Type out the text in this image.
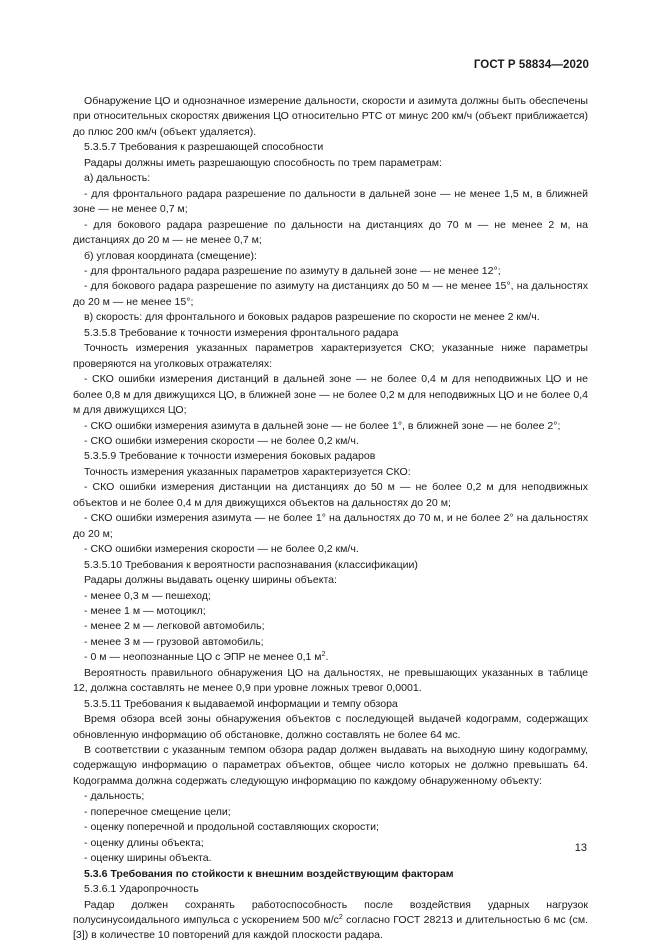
ГОСТ Р 58834—2020

Обнаружение ЦО и однозначное измерение дальности, скорости и азимута должны быть обеспечены при относительных скоростях движения ЦО относительно РТС от минус 200 км/ч (объект приближается) до плюс 200 км/ч (объект удаляется).

5.3.5.7 Требования к разрешающей способности

Радары должны иметь разрешающую способность по трем параметрам:

а) дальность:

- для фронтального радара разрешение по дальности в дальней зоне — не менее 1,5 м, в ближней зоне — не менее 0,7 м;

- для бокового радара разрешение по дальности на дистанциях до 70 м — не менее 2 м, на дистанциях до 20 м — не менее 0,7 м;

б) угловая координата (смещение):

- для фронтального радара разрешение по азимуту в дальней зоне — не менее 12°;

- для бокового радара разрешение по азимуту на дистанциях до 50 м — не менее 15°, на дальностях до 20 м — не менее 15°;

в) скорость: для фронтального и боковых радаров разрешение по скорости не менее 2 км/ч.

5.3.5.8 Требование к точности измерения фронтального радара

Точность измерения указанных параметров характеризуется СКО; указанные ниже параметры проверяются на уголковых отражателях:

- СКО ошибки измерения дистанций в дальней зоне — не более 0,4 м для неподвижных ЦО и не более 0,8 м для движущихся ЦО, в ближней зоне — не более 0,2 м для неподвижных ЦО и не более 0,4 м для движущихся ЦО;

- СКО ошибки измерения азимута в дальней зоне — не более 1°, в ближней зоне — не более 2°;

- СКО ошибки измерения скорости — не более 0,2 км/ч.

5.3.5.9 Требование к точности измерения боковых радаров

Точность измерения указанных параметров характеризуется СКО:

- СКО ошибки измерения дистанции на дистанциях до 50 м — не более 0,2 м для неподвижных объектов и не более 0,4 м для движущихся объектов на дальностях до 20 м;

- СКО ошибки измерения азимута — не более 1° на дальностях до 70 м, и не более 2° на дальностях до 20 м;

- СКО ошибки измерения скорости — не более 0,2 км/ч.

5.3.5.10 Требования к вероятности распознавания (классификации)

Радары должны выдавать оценку ширины объекта:

- менее 0,3 м — пешеход;

- менее 1 м — мотоцикл;

- менее 2 м — легковой автомобиль;

- менее 3 м — грузовой автомобиль;

- 0 м — неопознанные ЦО с ЭПР не менее 0,1 $м^2$.

Вероятность правильного обнаружения ЦО на дальностях, не превышающих указанных в таблице 12, должна составлять не менее 0,9 при уровне ложных тревог 0,0001.

5.3.5.11 Требования к выдаваемой информации и темпу обзора

Время обзора всей зоны обнаружения объектов с последующей выдачей кодограмм, содержащих обновленную информацию об обстановке, должно составлять не более 64 мс.

В соответствии с указанным темпом обзора радар должен выдавать на выходную шину кодограмму, содержащую информацию о параметрах объектов, общее число которых не должно превышать 64. Кодограмма должна содержать следующую информацию по каждому обнаруженному объекту:

- дальность;

- поперечное смещение цели;

- оценку поперечной и продольной составляющих скорости;

- оценку длины объекта;

- оценку ширины объекта.

5.3.6 Требования по стойкости к внешним воздействующим факторам

5.3.6.1 Ударопрочность

Радар должен сохранять работоспособность после воздействия ударных нагрузок полусинусоидального импульса с ускорением 500 $м/с^2$ согласно ГОСТ 28213 и длительностью 6 мс (см. [3]) в количестве 10 повторений для каждой плоскости радара.

13
